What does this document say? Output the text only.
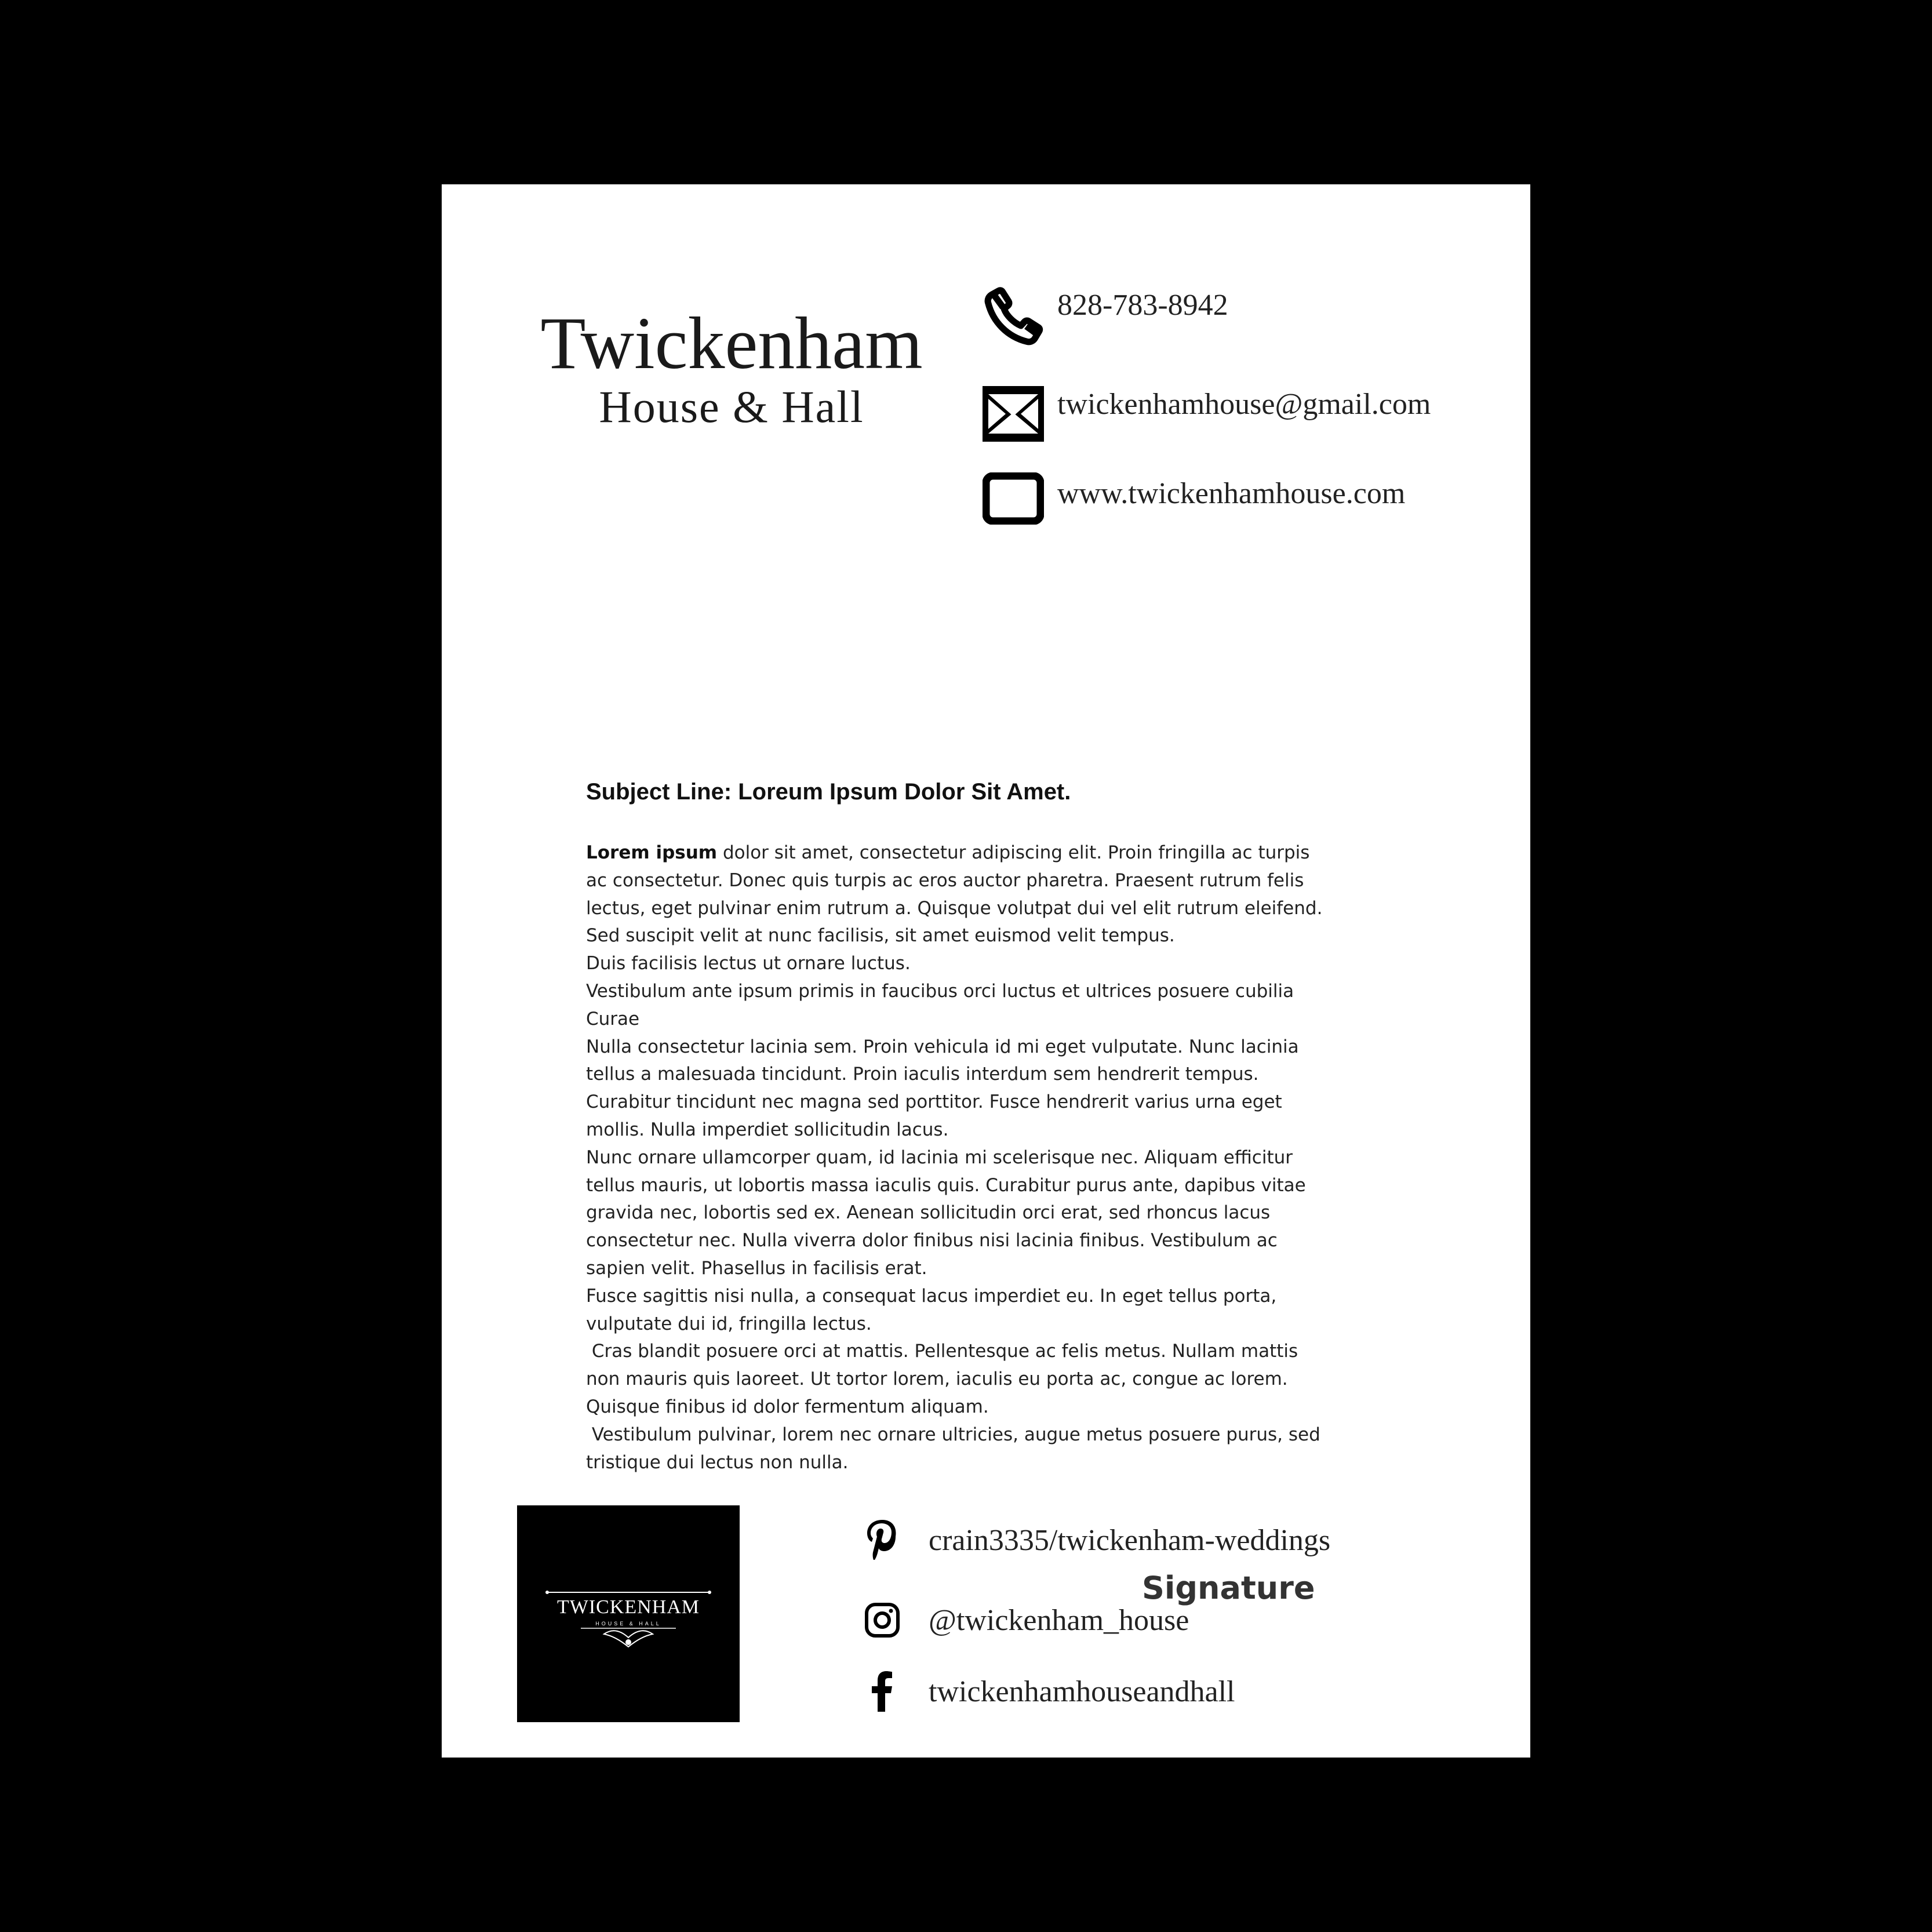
Twickenham
House & Hall
828-783-8942
twickenhamhouse@gmail.com
www.twickenhamhouse.com
Subject Line: Loreum Ipsum Dolor Sit Amet.

Lorem ipsum dolor sit amet, consectetur adipiscing elit. Proin fringilla ac turpis ac consectetur. Donec quis turpis ac eros auctor pharetra. Praesent rutrum felis lectus, eget pulvinar enim rutrum a. Quisque volutpat dui vel elit rutrum eleifend. Sed suscipit velit at nunc facilisis, sit amet euismod velit tempus.

Duis facilisis lectus ut ornare luctus.

Vestibulum ante ipsum primis in faucibus orci luctus et ultrices posuere cubilia Curae

Nulla consectetur lacinia sem. Proin vehicula id mi eget vulputate. Nunc lacinia tellus a malesuada tincidunt. Proin iaculis interdum sem hendrerit tempus.

Curabitur tincidunt nec magna sed porttitor. Fusce hendrerit varius urna eget mollis. Nulla imperdiet sollicitudin lacus.

Nunc ornare ullamcorper quam, id lacinia mi scelerisque nec. Aliquam efficitur tellus mauris, ut lobortis massa iaculis quis. Curabitur purus ante, dapibus vitae gravida nec, lobortis sed ex. Aenean sollicitudin orci erat, sed rhoncus lacus consectetur nec. Nulla viverra dolor finibus nisi lacinia finibus. Vestibulum ac sapien velit. Phasellus in facilisis erat.

Fusce sagittis nisi nulla, a consequat lacus imperdiet eu. In eget tellus porta, vulputate dui id, fringilla lectus.

Cras blandit posuere orci at mattis. Pellentesque ac felis metus. Nullam mattis non mauris quis laoreet. Ut tortor lorem, iaculis eu porta ac, congue ac lorem. Quisque finibus id dolor fermentum aliquam.

Vestibulum pulvinar, lorem nec ornare ultricies, augue metus posuere purus, sed tristique dui lectus non nulla.

Signature
TWICKENHAM
HOUSE & HALL
crain3335/twickenham-weddings
@twickenham_house
twickenhamhouseandhall
